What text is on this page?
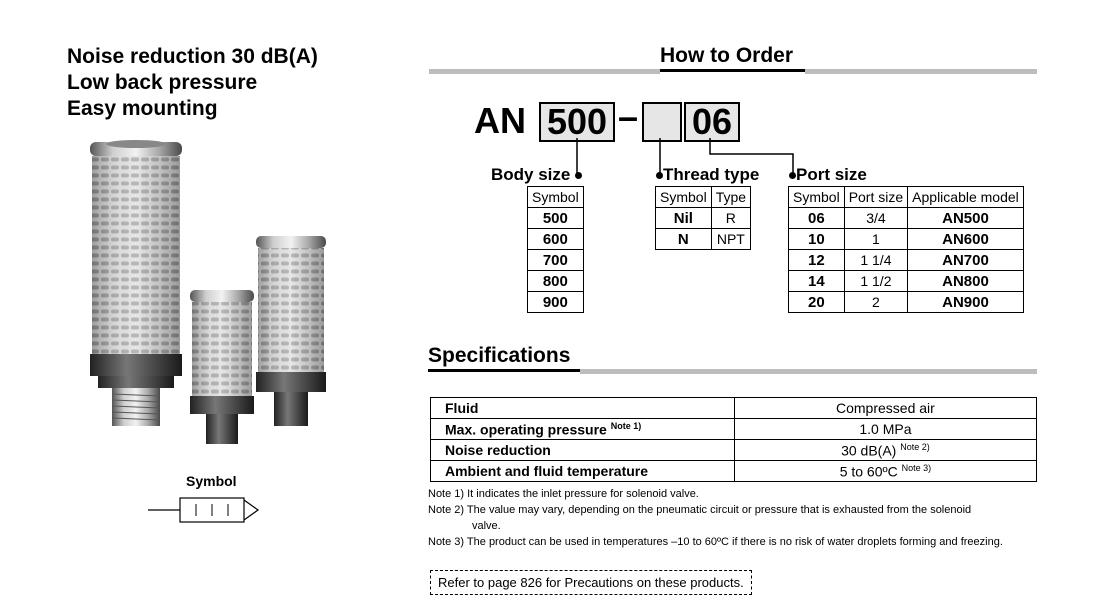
Noise reduction 30 dB(A)
Low back pressure
Easy mounting
Symbol
How to Order
AN 500 – 06
Body size	Thread type	Port size
Symbol
500
600
700
800
900
Symbol	Type
Nil	R
N	NPT
Symbol	Port size	Applicable model
06	3/4	AN500
10	1	AN600
12	1 1/4	AN700
14	1 1/2	AN800
20	2	AN900
Specifications
Fluid	Compressed air
Max. operating pressure $^{Note 1)}$	1.0 MPa
Noise reduction	30 dB(A) $^{Note 2)}$
Ambient and fluid temperature	5 to 60ºC $^{Note 3)}$
Note 1) It indicates the inlet pressure for solenoid valve.
Note 2) The value may vary, depending on the pneumatic circuit or pressure that is exhausted from the solenoid
valve.
Note 3) The product can be used in temperatures –10 to 60ºC if there is no risk of water droplets forming and freezing.
Refer to page 826 for Precautions on these products.
